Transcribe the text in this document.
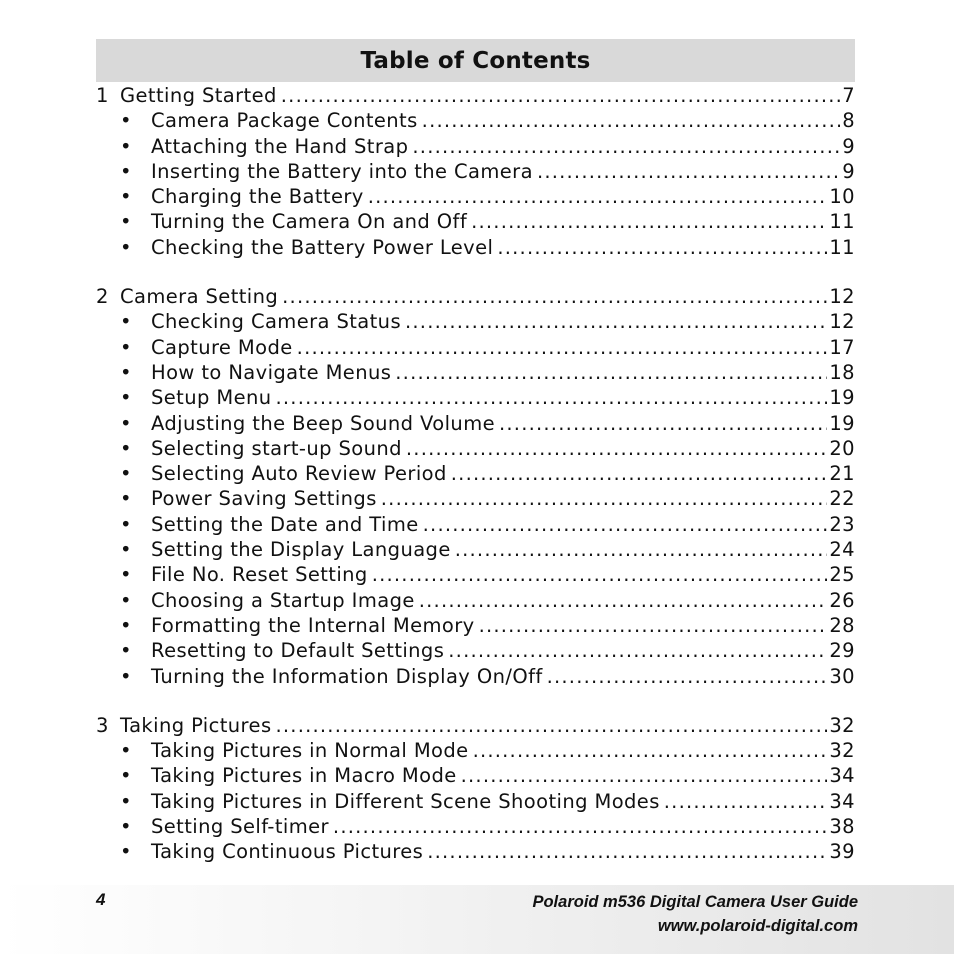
Table of Contents
1 Getting Started .....	7
• Camera Package Contents .....	8
• Attaching the Hand Strap .....	9
• Inserting the Battery into the Camera .....	9
• Charging the Battery .....	10
• Turning the Camera On and Off .....	11
• Checking the Battery Power Level .....	11
2 Camera Setting .....	12
• Checking Camera Status .....	12
• Capture Mode .....	17
• How to Navigate Menus .....	18
• Setup Menu .....	19
• Adjusting the Beep Sound Volume .....	19
• Selecting start-up Sound .....	20
• Selecting Auto Review Period .....	21
• Power Saving Settings .....	22
• Setting the Date and Time .....	23
• Setting the Display Language .....	24
• File No. Reset Setting .....	25
• Choosing a Startup Image .....	26
• Formatting the Internal Memory .....	28
• Resetting to Default Settings .....	29
• Turning the Information Display On/Off .....	30
3 Taking Pictures .....	32
• Taking Pictures in Normal Mode .....	32
• Taking Pictures in Macro Mode .....	34
• Taking Pictures in Different Scene Shooting Modes .....	34
• Setting Self-timer .....	38
• Taking Continuous Pictures .....	39
4	Polaroid m536 Digital Camera User Guide
www.polaroid-digital.com
